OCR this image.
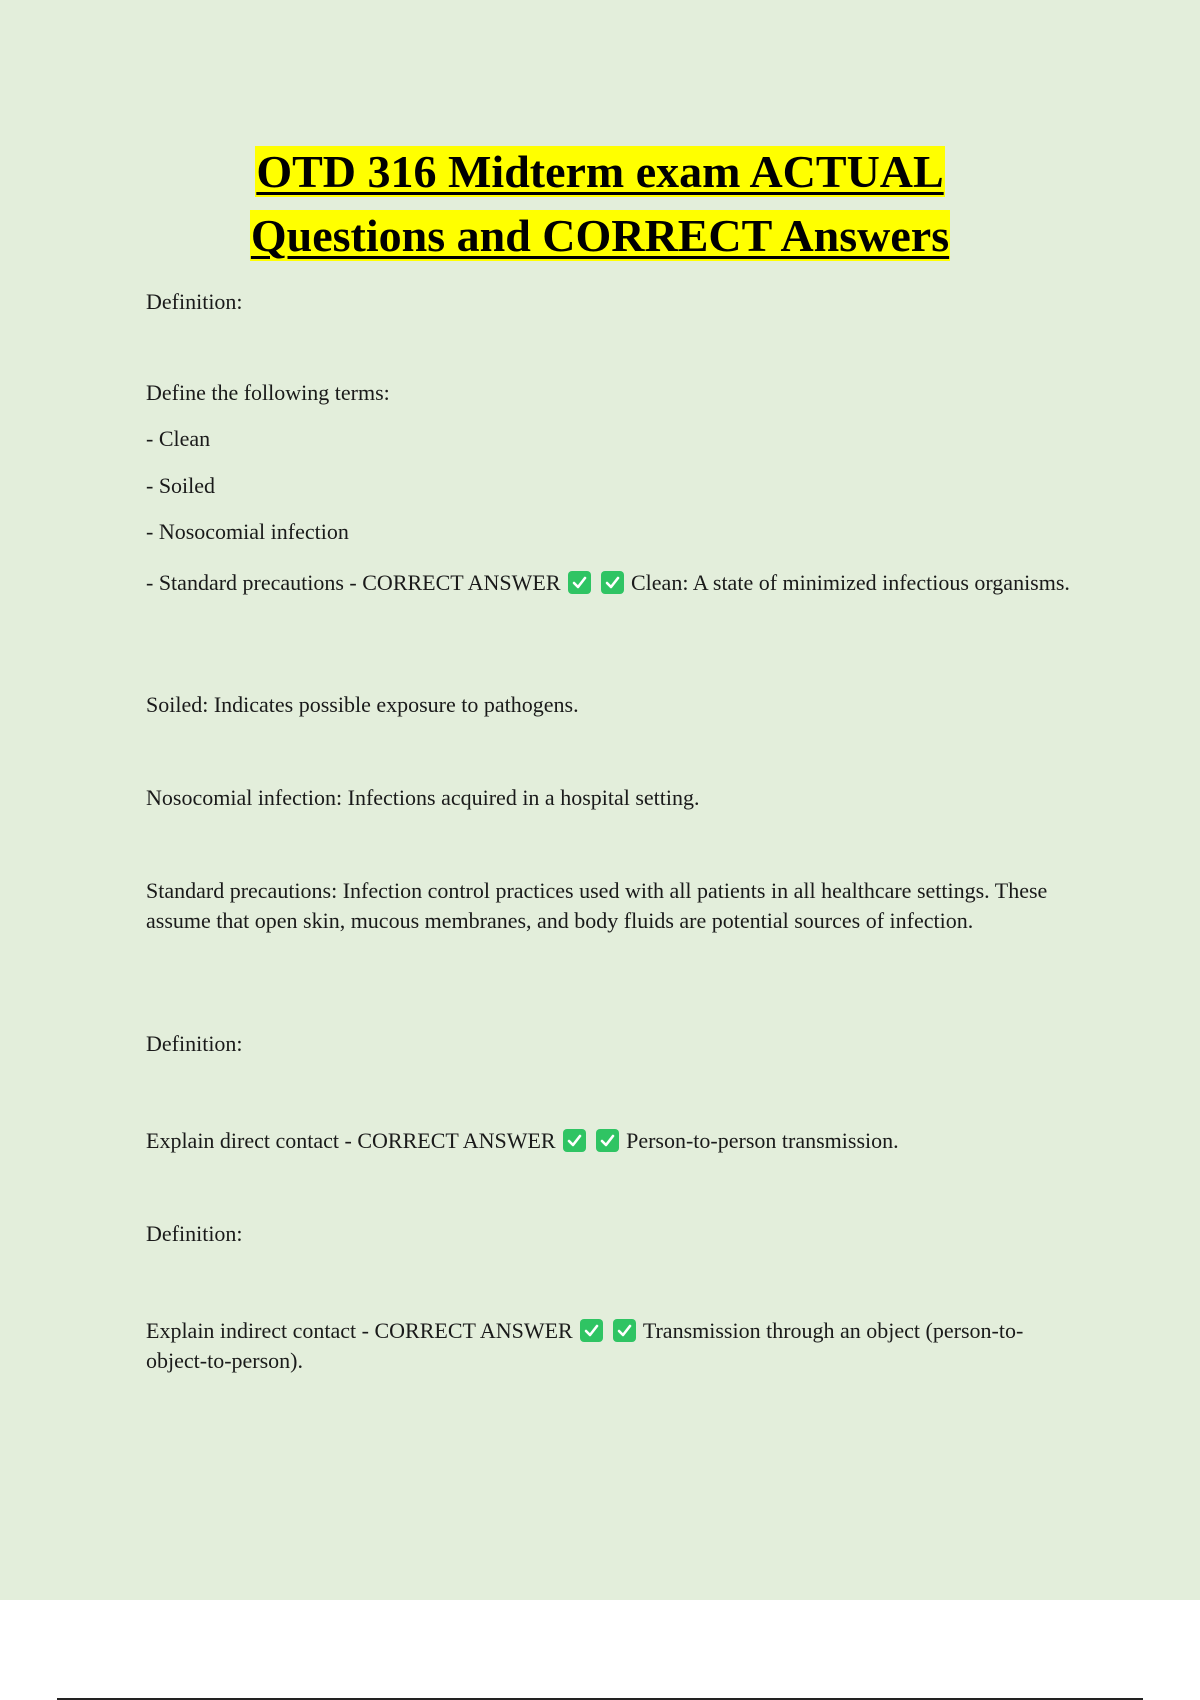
OTD 316 Midterm exam ACTUAL
Questions and CORRECT Answers

Definition:

Define the following terms:

- Clean

- Soiled

- Nosocomial infection

- Standard precautions - CORRECT ANSWER
	Clean: A state of minimized infectious organisms.

Soiled: Indicates possible exposure to pathogens.

Nosocomial infection: Infections acquired in a hospital setting.

Standard precautions: Infection control practices used with all patients in all healthcare settings. These assume that open skin, mucous membranes, and body fluids are potential sources of infection.

Definition:

Explain direct contact - CORRECT ANSWER
	Person-to-person transmission.

Definition:

Explain indirect contact - CORRECT ANSWER
	Transmission through an object (person-to-object-to-person).
